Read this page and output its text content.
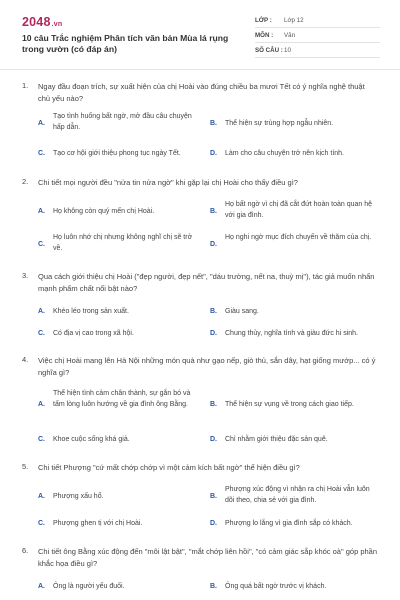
2048.vn
10 câu Trắc nghiệm Phân tích văn bản Mùa lá rụng trong vườn (có đáp án)
LỚP : Lớp 12
MÔN : Văn
SỐ CÂU : 10
1. Ngay đầu đoạn trích, sự xuất hiện của chị Hoài vào đúng chiều ba mươi Tết có ý nghĩa nghệ thuật chủ yếu nào?
A.
Tạo tình huống bất ngờ, mở đầu câu chuyện hấp dẫn.
B. Thể hiện sự trùng hợp ngẫu nhiên.
C. Tạo cơ hội giới thiệu phong tục ngày Tết.	D. Làm cho câu chuyện trở nên kịch tính.
2. Chi tiết mọi người đều "nửa tin nửa ngờ" khi gặp lại chị Hoài cho thấy điều gì?
A. Họ không còn quý mến chị Hoài.	B.
Họ bất ngờ vì chị đã cắt đứt hoàn toàn quan hệ với gia đình.
C.
Họ luôn nhớ chị nhưng không nghĩ chị sẽ trở về.
D.
Họ nghi ngờ mục đích chuyến về thăm của chị.
3. Qua cách giới thiệu chị Hoài ("đẹp người, đẹp nết", "dáu trường, nết na, thuỳ mị"), tác giả muốn nhấn mạnh phẩm chất nổi bật nào?
A. Khéo léo trong sản xuất.	B. Giàu sang.
C. Có địa vị cao trong xã hội.	D. Chung thủy, nghĩa tình và giàu đức hi sinh.
4. Việc chị Hoài mang lên Hà Nội những món quà như gạo nếp, giò thủ, sắn dây, hạt giống mướp... có ý nghĩa gì?
A.
Thể hiện tình cảm chân thành, sự gắn bó và tấm lòng luôn hướng về gia đình ông Bằng.	B. Thể hiện sự vụng về trong cách giao tiếp.
C. Khoe cuộc sống khá giả.	D. Chỉ nhằm giới thiệu đặc sản quê.
5. Chi tiết Phượng "cứ mất chớp chớp vì một cảm kích bất ngờ" thể hiện điều gì?
A. Phượng xấu hổ.	B.
Phượng xúc động vì nhận ra chị Hoài vẫn luôn dõi theo, chia sẻ với gia đình.
C. Phượng ghen tị với chị Hoài.	D. Phượng lo lắng vì gia đình sắp có khách.
6. Chi tiết ông Bằng xúc động đến "môi lật bật", "mắt chớp liên hồi", "có cảm giác sắp khóc oà" góp phần khắc họa điều gì?
A. Ông là người yếu đuối.	B. Ông quá bất ngờ trước vị khách.
